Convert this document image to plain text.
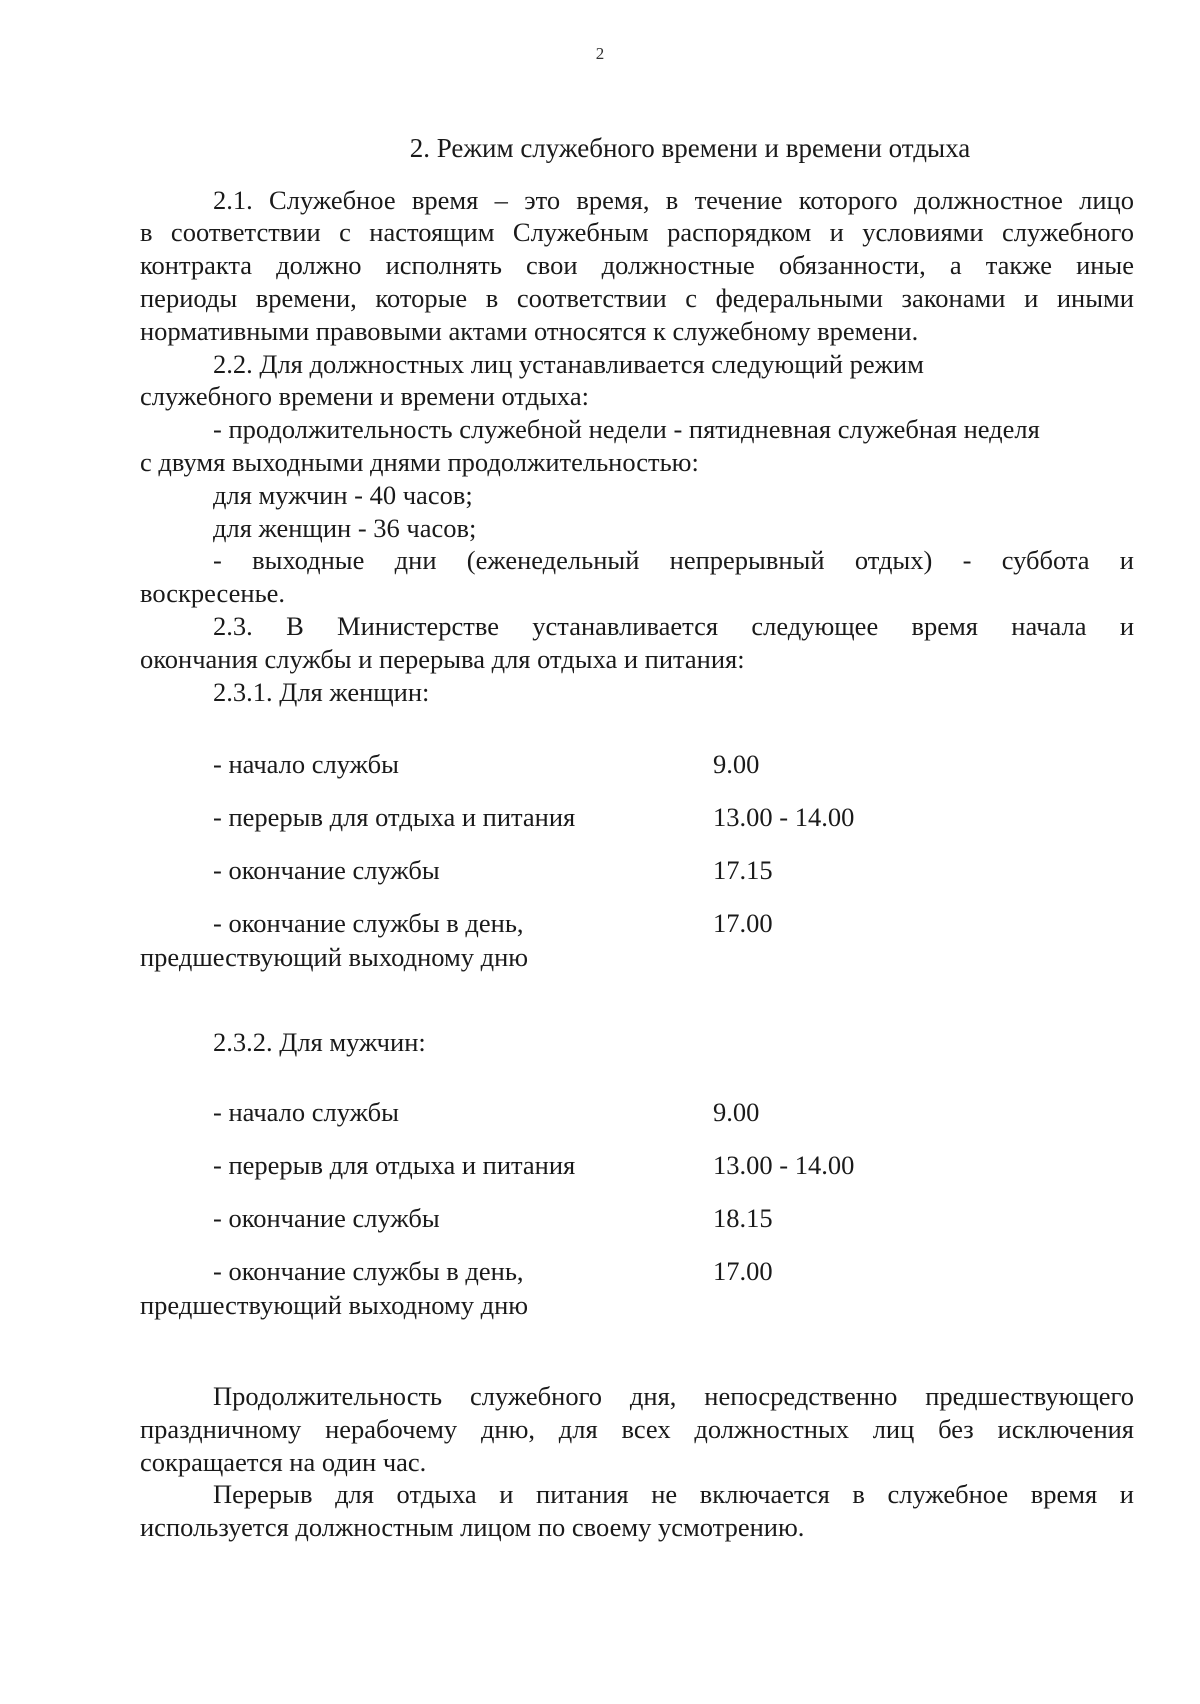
2
2. Режим служебного времени и времени отдыха
2.1. Служебное время – это время, в течение которого должностное лицо
в соответствии с настоящим Служебным распорядком и условиями служебного
контракта должно исполнять свои должностные обязанности, а также иные
периоды времени, которые в соответствии с федеральными законами и иными
нормативными правовыми актами относятся к служебному времени.
2.2. Для должностных лиц устанавливается следующий режим
служебного времени и времени отдыха:
- продолжительность служебной недели - пятидневная служебная неделя
с двумя выходными днями продолжительностью:
для мужчин - 40 часов;
для женщин - 36 часов;
- выходные дни (еженедельный непрерывный отдых) - суббота и
воскресенье.
2.3. В Министерстве устанавливается следующее время начала и
окончания службы и перерыва для отдыха и питания:
2.3.1. Для женщин:
- начало службы	9.00
- перерыв для отдыха и питания	13.00 - 14.00
- окончание службы	17.15
- окончание службы в день,	17.00
предшествующий выходному дню
2.3.2. Для мужчин:
- начало службы	9.00
- перерыв для отдыха и питания	13.00 - 14.00
- окончание службы	18.15
- окончание службы в день,	17.00
предшествующий выходному дню
Продолжительность служебного дня, непосредственно предшествующего
праздничному нерабочему дню, для всех должностных лиц без исключения
сокращается на один час.
Перерыв для отдыха и питания не включается в служебное время и
используется должностным лицом по своему усмотрению.
